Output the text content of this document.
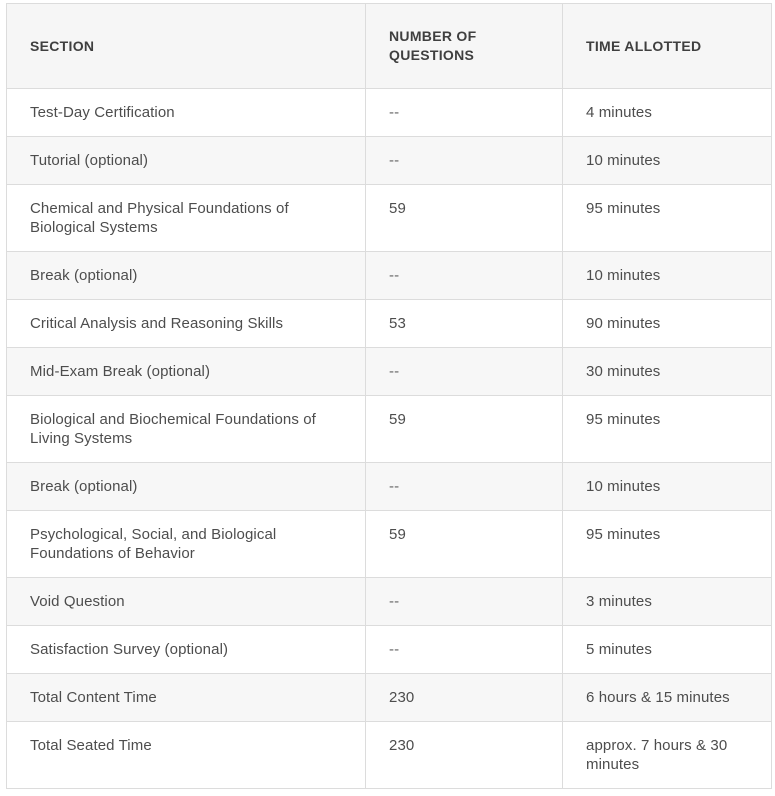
SECTION	NUMBER OF QUESTIONS	TIME ALLOTTED
Test-Day Certification	--	4 minutes
Tutorial (optional)	--	10 minutes
Chemical and Physical Foundations of Biological Systems	59	95 minutes
Break (optional)	--	10 minutes
Critical Analysis and Reasoning Skills	53	90 minutes
Mid-Exam Break (optional)	--	30 minutes
Biological and Biochemical Foundations of Living Systems	59	95 minutes
Break (optional)	--	10 minutes
Psychological, Social, and Biological Foundations of Behavior	59	95 minutes
Void Question	--	3 minutes
Satisfaction Survey (optional)	--	5 minutes
Total Content Time	230	6 hours & 15 minutes
Total Seated Time	230	approx. 7 hours & 30 minutes
